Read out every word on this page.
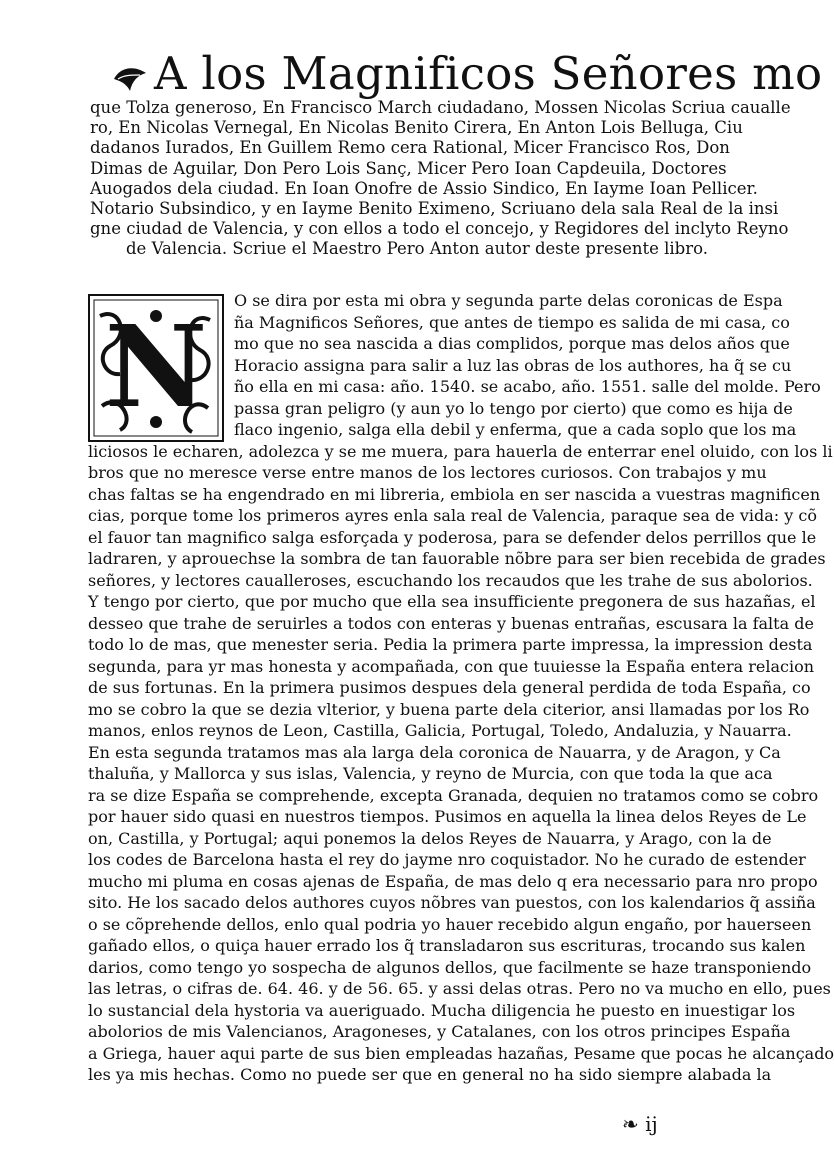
A los Magnificos Señores mo
que Tolza generoso, En Francisco March ciudadano, Mossen Nicolas Scriua caualle
ro, En Nicolas Vernegal, En Nicolas Benito Cirera, En Anton Lois Belluga, Ciu
dadanos Iurados, En Guillem Remo cera Rational, Micer Francisco Ros, Don
Dimas de Aguilar, Don Pero Lois Sanç, Micer Pero Ioan Capdeuila, Doctores
Auogados dela ciudad. En Ioan Onofre de Assio Sindico, En Iayme Ioan Pellicer.
Notario Subsindico, y en Iayme Benito Eximeno, Scriuano dela sala Real de la insi
gne ciudad de Valencia, y con ellos a todo el concejo, y Regidores del inclyto Reyno
de Valencia. Scriue el Maestro Pero Anton autor deste presente libro.
N
O se dira por esta mi obra y segunda parte delas coronicas de Espa
ña Magnificos Señores, que antes de tiempo es salida de mi casa, co
mo que no sea nascida a dias complidos, porque mas delos años que
Horacio assigna para salir a luz las obras de los authores, ha q̃ se cu
ño ella en mi casa: año. 1540. se acabo, año. 1551. salle del molde. Pero
passa gran peligro (y aun yo lo tengo por cierto) que como es hija de
flaco ingenio, salga ella debil y enferma, que a cada soplo que los ma
liciosos le echaren, adolezca y se me muera, para hauerla de enterrar enel oluido, con los li
bros que no meresce verse entre manos de los lectores curiosos. Con trabajos y mu
chas faltas se ha engendrado en mi libreria, embiola en ser nascida a vuestras magnificen
cias, porque tome los primeros ayres enla sala real de Valencia, paraque sea de vida: y cõ
el fauor tan magnifico salga esforçada y poderosa, para se defender delos perrillos que le
ladraren, y aprouechse la sombra de tan fauorable nõbre para ser bien recebida de grades
señores, y lectores caualleroses, escuchando los recaudos que les trahe de sus abolorios.
Y tengo por cierto, que por mucho que ella sea insufficiente pregonera de sus hazañas, el
desseo que trahe de seruirles a todos con enteras y buenas entrañas, escusara la falta de
todo lo de mas, que menester seria. Pedia la primera parte impressa, la impression desta
segunda, para yr mas honesta y acompañada, con que tuuiesse la España entera relacion
de sus fortunas. En la primera pusimos despues dela general perdida de toda España, co
mo se cobro la que se dezia vlterior, y buena parte dela citerior, ansi llamadas por los Ro
manos, enlos reynos de Leon, Castilla, Galicia, Portugal, Toledo, Andaluzia, y Nauarra.
En esta segunda tratamos mas ala larga dela coronica de Nauarra, y de Aragon, y Ca
thaluña, y Mallorca y sus islas, Valencia, y reyno de Murcia, con que toda la que aca
ra se dize España se comprehende, excepta Granada, dequien no tratamos como se cobro
por hauer sido quasi en nuestros tiempos. Pusimos en aquella la linea delos Reyes de Le
on, Castilla, y Portugal; aqui ponemos la delos Reyes de Nauarra, y Arago, con la de
los codes de Barcelona hasta el rey do jayme nro coquistador. No he curado de estender
mucho mi pluma en cosas ajenas de España, de mas delo q era necessario para nro propo
sito. He los sacado delos authores cuyos nõbres van puestos, con los kalendarios q̃ assiña
o se cõprehende dellos, enlo qual podria yo hauer recebido algun engaño, por hauerseen
gañado ellos, o quiça hauer errado los q̃ transladaron sus escrituras, trocando sus kalen
darios, como tengo yo sospecha de algunos dellos, que facilmente se haze transponiendo
las letras, o cifras de. 64. 46. y de 56. 65. y assi delas otras. Pero no va mucho en ello, pues
lo sustancial dela hystoria va aueriguado. Mucha diligencia he puesto en inuestigar los
abolorios de mis Valencianos, Aragoneses, y Catalanes, con los otros principes España
a Griega, hauer aqui parte de sus bien empleadas hazañas, Pesame que pocas he alcançado
les ya mis hechas. Como no puede ser que en general no ha sido siempre alabada la
❧ ij
